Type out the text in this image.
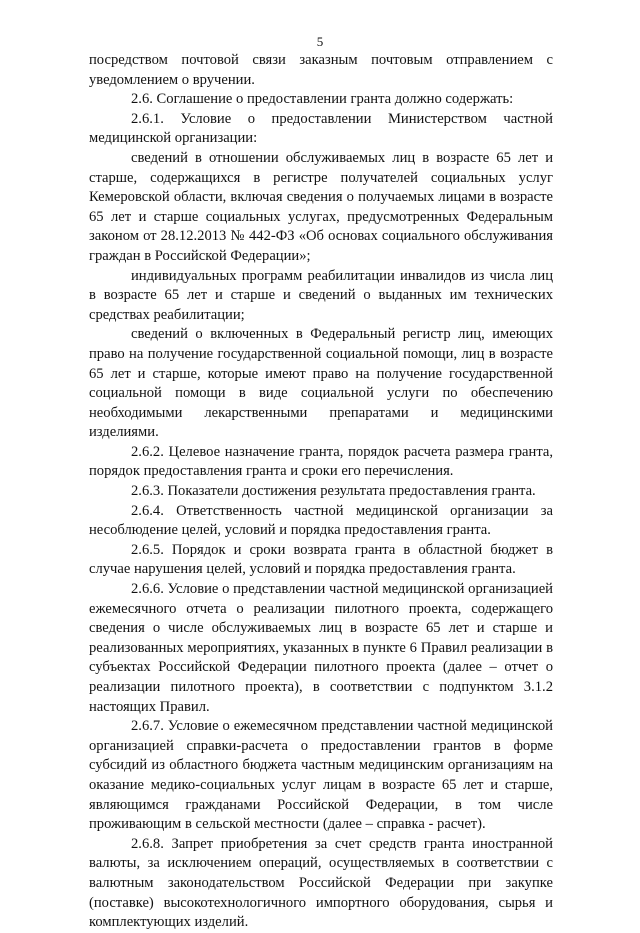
5

посредством почтовой связи заказным почтовым отправлением с уведомлением о вручении.

2.6. Соглашение о предоставлении гранта должно содержать:

2.6.1. Условие о предоставлении Министерством частной медицинской организации:

сведений в отношении обслуживаемых лиц в возрасте 65 лет и старше, содержащихся в регистре получателей социальных услуг Кемеровской области, включая сведения о получаемых лицами в возрасте 65 лет и старше социальных услугах, предусмотренных Федеральным законом от 28.12.2013 № 442-ФЗ «Об основах социального обслуживания граждан в Российской Федерации»;

индивидуальных программ реабилитации инвалидов из числа лиц в возрасте 65 лет и старше и сведений о выданных им технических средствах реабилитации;

сведений о включенных в Федеральный регистр лиц, имеющих право на получение государственной социальной помощи, лиц в возрасте 65 лет и старше, которые имеют право на получение государственной социальной помощи в виде социальной услуги по обеспечению необходимыми лекарственными препаратами и медицинскими изделиями.

2.6.2. Целевое назначение гранта, порядок расчета размера гранта, порядок предоставления гранта и сроки его перечисления.

2.6.3. Показатели достижения результата предоставления гранта.

2.6.4. Ответственность частной медицинской организации за несоблюдение целей, условий и порядка предоставления гранта.

2.6.5. Порядок и сроки возврата гранта в областной бюджет в случае нарушения целей, условий и порядка предоставления гранта.

2.6.6. Условие о представлении частной медицинской организацией ежемесячного отчета о реализации пилотного проекта, содержащего сведения о числе обслуживаемых лиц в возрасте 65 лет и старше и реализованных мероприятиях, указанных в пункте 6 Правил реализации в субъектах Российской Федерации пилотного проекта (далее – отчет о реализации пилотного проекта), в соответствии с подпунктом 3.1.2 настоящих Правил.

2.6.7. Условие о ежемесячном представлении частной медицинской организацией справки-расчета о предоставлении грантов в форме субсидий из областного бюджета частным медицинским организациям на оказание медико-социальных услуг лицам в возрасте 65 лет и старше, являющимся гражданами Российской Федерации, в том числе проживающим в сельской местности (далее – справка - расчет).

2.6.8. Запрет приобретения за счет средств гранта иностранной валюты, за исключением операций, осуществляемых в соответствии с валютным законодательством Российской Федерации при закупке (поставке) высокотехнологичного импортного оборудования, сырья и комплектующих изделий.
